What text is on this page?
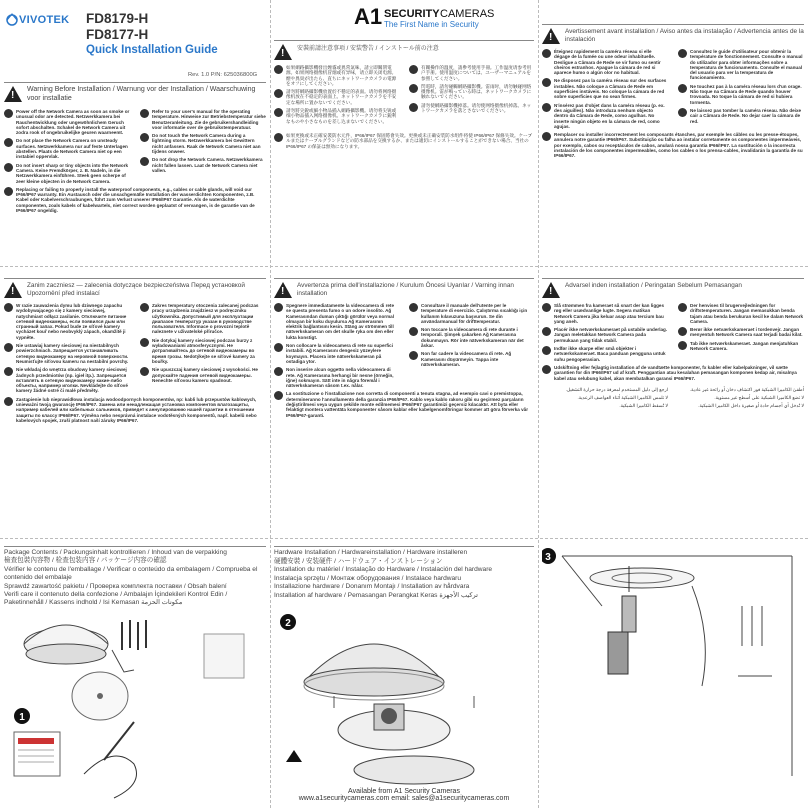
VIVOTEK FD8179-H
FD8177-H
Quick Installation Guide
Rev. 1.0 P/N: 625036800G
!
Warning Before Installation / Warnung vor der Installation / Waarschuwing voor installatie
Power off the Network Camera as soon as smoke or unusual odor are detected. Netzwerkkamera bei Rauchentwicklung oder ungewöhnlichem Geruch sofort abschalten. Schakel de Network Camera uit zodra rook of ongebruikelijke geuren waarneemt.
Do not place the Network Camera on unsteady surfaces. Netzwerkkamera nur auf feste Unterlagen abstellen. Plaats de Network Camera niet op een instabiel oppervlak.
Do not insert sharp or tiny objects into the Network Camera. Keine Fremdkörper, z. B. Nadeln, in die Netzwerkkamera einführen. Steek geen scherpe of zeer kleine objecten in de Network Camera.
Refer to your user's manual for the operating temperature. Hinweise zur Betriebstemperatur siehe Benutzeranleitung. Zie de gebruikershandleiding voor informatie over de gebruikstemperatuur.
Do not touch the Network Camera during a lightning storm. Netzwerkkamera bei Gewittern nicht anfassen. Raak de Network Camera niet aan tijdens onweer.
Do not drop the Network Camera. Netzwerkkamera nicht fallen lassen. Laat de Network Camera niet vallen.
Replacing or failing to properly install the waterproof components, e.g., cables or cable glands, will void our IP66/IP67 warranty. Ein Austausch oder die unsachgemäße Installation der wasserdichten Komponenten, z.B. Kabel oder Kabelverschraubungen, führt zum Verlust unserer IP66/IP67 Garantie. Als de waterdichte componenten, zoals kabels of kabelwartels, niet correct worden geplaatst of vervangen, is de garantie van de IP66/IP67 ongeldig.
A1 SECURITY CAMERAS
The First Name in Security
!
安裝前請注意事項 / 安装警告 / インストール前の注意
如果網路攝影機發出煙霧或異常氣味，請立即關閉電源。如果网络摄像机冒烟或有异味，请立即关闭电源。煙や異臭が出たら、直ちにネットワークカメラの電源をオフにしてください。
請勿將網路攝影機放置於不穩定的表面。请勿将网络摄像机放在不稳定的表面上。ネットワークカメラを不安定な場所に置かないでください。
請勿將尖銳或細小物品插入網路攝影機。请勿将尖锐或细小物品插入网络摄像机。ネットワークカメラに鋭利なものや小さなものを差し込まないでください。
有關操作的溫度，請參考使用手冊。工作温度请参考用户手册。使用温度については、ユーザーマニュアルを参照してください。
閃電時，請勿碰觸網路攝影機。雷雨时，请勿触碰网络摄像机。雷が鳴っている時は、ネットワークカメラに触れないでください。
請勿使網路攝影機掉落。请勿使网络摄像机掉落。ネットワークカメラを落とさないでください。
如果更換或未正確安裝防水元件，IP66/IP67 保固將會失效。更换或未正确安装防水组件将使 IP66/IP67 保修失效。ケーブルまたはケーブルグランドなどの防水部品を交換するか、または適切にインストールすることができない場合、当社の IP66/IP67 の保証は無効になります。
!
Avertissement avant installation / Aviso antes da instalação / Advertencia antes de la instalación
Éteignez rapidement la caméra réseau si elle dégage de la fumée ou une odeur inhabituelle. Desligue a Câmara de Rede se vir fumo ou sentir cheiros estranhos. Apague la cámara de red si aparece humo o algún olor no habitual.
Ne disposez pas la caméra réseau sur des surfaces instables. Não coloque a Câmara de Rede em superfícies instáveis. No coloque la cámara de red sobre superficies que no sean firmes.
N'insérez pas d'objet dans la caméra réseau (p. ex. des aiguilles). Não introduza nenhum objecto dentro da Câmara de Rede, como agulhas. No inserte ningún objeto en la cámara de red, como agujas.
Consultez le guide d'utilisateur pour obtenir la température de fonctionnement. Consulte o manual do utilizador para obter informações sobre a temperatura de funcionamento. Consulte el manual del usuario para ver la temperatura de funcionamiento.
Ne touchez pas à la caméra réseau lors d'un orage. Não toque na Câmara de Rede quando houver trovoada. No toque la cámara de red si hubiera tormenta.
Ne laissez pas tomber la caméra réseau. Não deixe cair a Câmara de Rede. No dejar caer la cámara de red.
Remplacer ou installer incorrectement les composants étanches, par exemple les câbles ou les presse-étoupes, annulera notre garantie IP66/IP67. Substituição ou falha ao instalar corretamente os componentes impermeáveis, por exemplo, cabos ou receptáculos de cabos, anulará nossa garantia IP66/IP67. La sustitución o la incorrecta instalación de los componentes impermeables, como los cables o los prensa-cables, invalidarán la garantía de su IP66/IP67.
!
Zanim zaczniesz — zalecenia dotyczące bezpieczeństwa Перед установкой Upozornění před instalací
W razie zauważenia dymu lub dziwnego zapachu wydobywającego się z kamery sieciowej, natychmiast odłącz zasilanie. Отключите питание сетевой видеокамеры, если появился дым или странный запах. Pokud bude ze síťové kamery vycházet kouř nebo neobvyklý zápach, okamžitě ji vypněte.
Nie ustawiaj kamery sieciowej na niestabilnych powierzchniach. Запрещается устанавливать сетевую видеокамеру на неровной поверхности. Neumisťujte síťovou kameru na nestabilní povrchy.
Nie wkładaj do wnętrza obudowy kamery sieciowej żadnych przedmiotów (np. igieł itp.). Запрещается вставлять в сетевую видеокамеру какие-либо объекты, например иголки. Nevkládejte do síťové kamery žádné ostré či malé předměty.
Zakres temperatury otoczenia zalecanej podczas pracy urządzenia znajdziesz w podręczniku użytkownika. Допустимый для эксплуатации диапазон температур указан в руководстве пользователя. Informace o provozní teplotě naleznete v uživatelské příručce.
Nie dotykaj kamery sieciowej podczas burzy z wyładowaniami atmosferycznymi. Не дотрагивайтесь до сетевой видеокамеры во время грозы. Nedotýkejte se síťové kamery za bouřky.
Nie upuszczaj kamery sieciowej z wysokości. Не допускайте падения сетевой видеокамеры. Nenechte síťovou kameru spadnout.
Zastąpienie lub nieprawidłowa instalacja wodoodpornych komponentów, np: kabli lub przepustów kablowych, unieważni twoją gwarancję IP66/IP67. Замена или ненадлежащая установка компонентов влагозащиты, например кабелей или кабельных сальников, приведет к аннулированию нашей гарантии в отношении защиты по классу IP66/IP67. Výměna nebo nesprávná instalace vodotěsných komponentů, např. kabelů nebo kabelových spojek, zruší platnost naší záruky IP66/IP67.
!
Avvertenza prima dell'installazione / Kurulum Öncesi Uyarılar / Varning innan installation
Spegnere immediatamente la videocamera di rete se questa presenta fumo o un odore insolito. Ağ Kamerasından duman çıktığı görülür veya normal olmayan bir koku duyulursa Ağ Kamerasının elektrik bağlantısını kesin. Stäng av strömmen till nätverkskameran om det skulle ryka om den eller lukta konstigt.
Non collocare la videocamera di rete su superfici instabili. Ağ Kamerasını dengesiz yüzeylere koymayın. Placera inte nätverkskameran på ostadiga ytor.
Non inserire alcun oggetto nella videocamera di rete. Ağ Kamerasına herhangi bir nesne (örneğin, iğne) sokmayın. Sätt inte in några föremål i nätverkskameran såsom t.ex. nålar.
Consultare il manuale dell'utente per le temperature di esercizio. Çalıştırma sıcaklığı için kullanım kılavuzuna başvurun. Se din användarmanual för drifttemperatur.
Non toccare la videocamera di rete durante i temporali. Şimşek çakarken Ağ Kamerasına dokunmayın. Rör inte nätverkskameran när det åskar.
Non far cadere la videocamera di rete. Ağ Kamerasını düşürmeyin. Tappa inte nätverkskameran.
La sostituzione o l'installazione non corretta di componenti a tenuta stagna, ad esempio cavi o premistoppa, determineranno l'annullamento della garanzia IP66/IP67. Kablo veya kablo rakoru gibi su geçirmez parçaların değiştirilmesi veya uygun şekilde monte edilmemesi IP66/IP67 garantimizi geçersiz kılacaktır. Att byta eller felaktigt montera vattentäta komponenter såsom kablar eller kabelgenomföringar kommer att göra förverka vår IP66/IP67-garanti.
!
Advarsel inden installation / Peringatan Sebelum Pemasangan
Slå strømmen fra kameraet så snart der kan ligges røg eller usædvanlige lugte. Segera matikan Network Camera jika keluar asap atau tercium bau yang aneh.
Placér ikke netværkskameraet på ustabile underlag. Jangan meletakkan Network Camera pada permukaan yang tidak stabil.
Indfør ikke skarpe eller små objekter i netværkskameraet. Baca panduan pengguna untuk suhu pengoperasian.
Der henvises til brugervejledningen for driftstemperaturen. Jangan memasukkan benda tajam atau benda berukuran kecil ke dalam Network Camera.
Berør ikke netværkskameraet i tordenvejr. Jangan menyentuh Network Camera saat terjadi badai kilat.
Tab ikke netværkskameraet. Jangan menjatuhkan Network Camera.
Udskiftning eller fejlagtig installation af de vandtætte komponenter, fx kabler eller kabelpakninger, vil sætte garantien for din IP66/IP67 ud af kraft. Penggantian atau kesalahan pemasangan komponen kedap air, misalnya kabel atau selubung kabel, akan membatalkan garansi IP66/IP67.
أطفئ الكاميرا الشبكية فور اكتشاف دخان أو رائحة غير عادية.
لا تضع الكاميرا الشبكية على أسطح غير مستوية.
لا تُدخل أي أجسام حادة أو صغيرة داخل الكاميرا الشبكية.
ارجع إلى دليل المستخدم لمعرفة درجة حرارة التشغيل.
لا تلمس الكاميرا الشبكية أثناء العواصف الرعدية.
لا تُسقط الكاميرا الشبكية.
Package Contents / Packungsinhalt kontrollieren / Inhoud van de verpakking
檢查包裝內容物 / 检查包装内容 / パッケージ内容の確認
Vérifier le contenu de l'emballage / Verificar o conteúdo da embalagem / Comprueba el contenido del embalaje
Sprawdź zawartość pakietu / Проверка комплекта поставки / Obsah balení
Verifi care il contenuto della confezione / Ambalajın İçindekileri Kontrol Edin / Paketinnehåll / Kassens indhold / Isi Kemasan مكونات الحزمة
1
Hardware Installation / Hardwareinstallation / Hardware installeren
硬體安裝 / 安装硬件 / ハードウェア・インストレーション
Installation du matériel / Instalação do Hardware / Instalación del hardware
Instalacja sprzętu / Монтаж оборудования / Instalace hardwaru
Installazione hardware / Donanım Montajı / Installation av hårdvara
Installation af hardware / Pemasangan Perangkat Keras تركيب الأجهزة
2
3
Available from A1 Security Cameras
www.a1securitycameras.com email: sales@a1securitycameras.com
